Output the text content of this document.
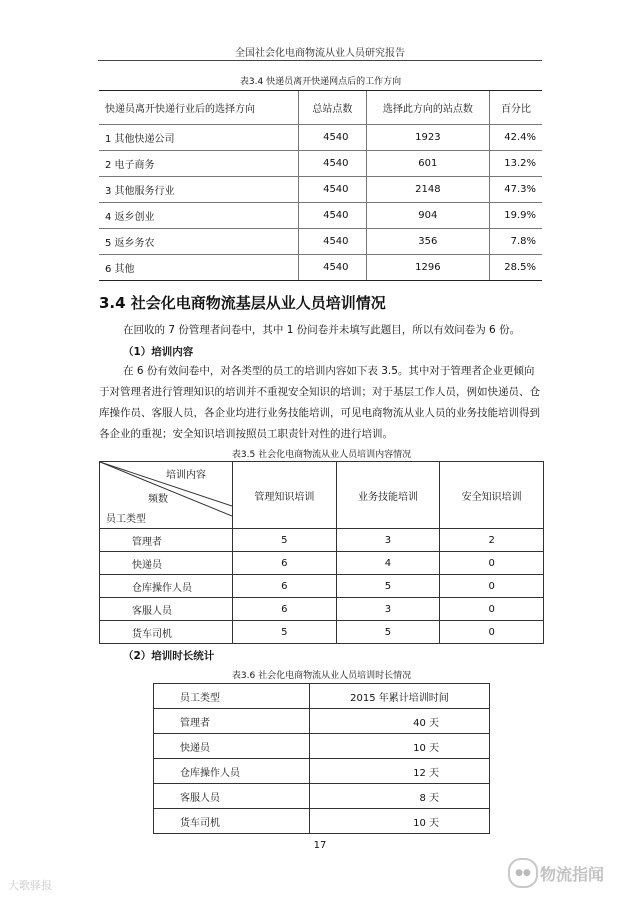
全国社会化电商物流从业人员研究报告
表3.4 快递员离开快递网点后的工作方向
快递员离开快递行业后的选择方向	总站点数	选择此方向的站点数	百分比
1 其他快递公司	4540	1923	42.4%
2 电子商务	4540	601	13.2%
3 其他服务行业	4540	2148	47.3%
4 返乡创业	4540	904	19.9%
5 返乡务农	4540	356	7.8%
6 其他	4540	1296	28.5%
3.4 社会化电商物流基层从业人员培训情况
在回收的 7 份管理者问卷中，其中 1 份问卷并未填写此题目，所以有效问卷为 6 份。
（1）培训内容
在 6 份有效问卷中，对各类型的员工的培训内容如下表 3.5。其中对于管理者企业更倾向于对管理者进行管理知识的培训并不重视安全知识的培训；对于基层工作人员，例如快递员、仓库操作员、客服人员，各企业均进行业务技能培训，可见电商物流从业人员的业务技能培训得到各企业的重视；安全知识培训按照员工职责针对性的进行培训。
表3.5 社会化电商物流从业人员培训内容情况
培训内容
频数
员工类型	管理知识培训	业务技能培训	安全知识培训
管理者	5	3	2
快递员	6	4	0
仓库操作人员	6	5	0
客服人员	6	3	0
货车司机	5	5	0
（2）培训时长统计
表3.6 社会化电商物流从业人员培训时长情况
员工类型	2015 年累计培训时间
管理者	40 天
快递员	10 天
仓库操作人员	12 天
客服人员	8 天
货车司机	10 天
17
大歌驿报
●● 物流指闻
